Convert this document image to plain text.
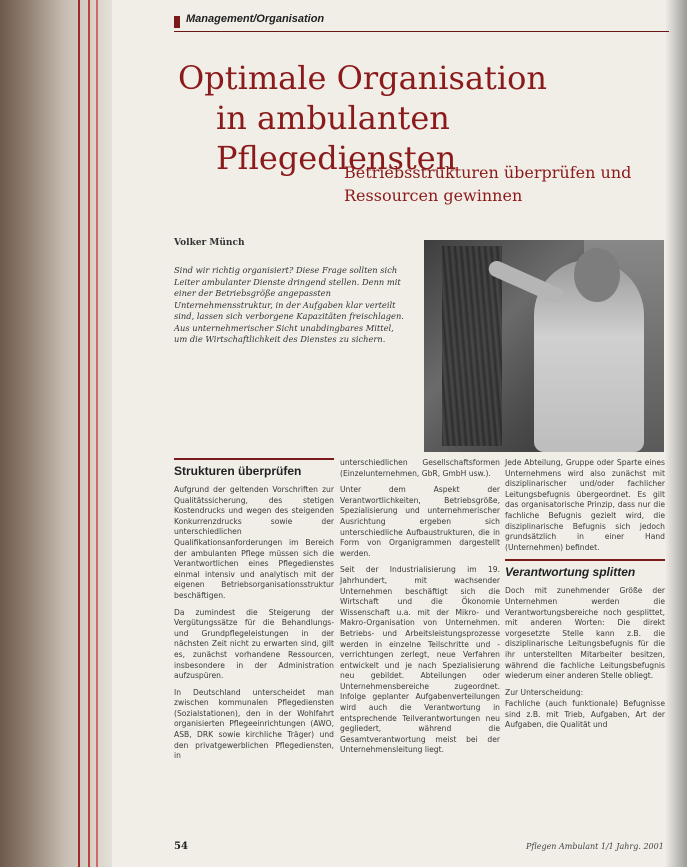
Management/Organisation
Optimale Organisation
in ambulanten Pflegediensten
Betriebsstrukturen überprüfen und
Ressourcen gewinnen
Volker Münch
Sind wir richtig organisiert? Diese Frage sollten sich Leiter ambulanter Dienste dringend stellen. Denn mit einer der Betriebsgröße angepassten Unternehmensstruktur, in der Aufgaben klar verteilt sind, lassen sich verborgene Kapazitäten freischlagen. Aus unternehmerischer Sicht unabdingbares Mittel, um die Wirtschaftlichkeit des Dienstes zu sichern.
Strukturen überprüfen

Aufgrund der geltenden Vorschriften zur Qualitätssicherung, des stetigen Kostendrucks und wegen des steigenden Konkurrenzdrucks sowie der unterschiedlichen Qualifikationsanforderungen im Bereich der ambulanten Pflege müssen sich die Verantwortlichen eines Pflegedienstes einmal intensiv und analytisch mit der eigenen Betriebsorganisationsstruktur beschäftigen.

Da zumindest die Steigerung der Vergütungssätze für die Behandlungs- und Grundpflegeleistungen in der nächsten Zeit nicht zu erwarten sind, gilt es, zunächst vorhandene Ressourcen, insbesondere in der Administration aufzuspüren.

In Deutschland unterscheidet man zwischen kommunalen Pflegediensten (Sozialstationen), den in der Wohlfahrt organisierten Pflegeeinrichtungen (AWO, ASB, DRK sowie kirchliche Träger) und den privatgewerblichen Pflegediensten, in

unterschiedlichen Gesellschaftsformen (Einzelunternehmen, GbR, GmbH usw.).

Unter dem Aspekt der Verantwortlichkeiten, Betriebsgröße, Spezialisierung und unternehmerischer Ausrichtung ergeben sich unterschiedliche Aufbaustrukturen, die in Form von Organigrammen dargestellt werden.

Seit der Industrialisierung im 19. Jahrhundert, mit wachsender Unternehmen beschäftigt sich die Wirtschaft und die Ökonomie Wissenschaft u.a. mit der Mikro- und Makro-Organisation von Unternehmen. Betriebs- und Arbeitsleistungsprozesse werden in einzelne Teilschritte und -verrichtungen zerlegt, neue Verfahren entwickelt und je nach Spezialisierung neu gebildet. Abteilungen oder Unternehmensbereiche zugeordnet. Infolge geplanter Aufgabenverteilungen wird auch die Verantwortung in entsprechende Teilverantwortungen neu gegliedert, während die Gesamtverantwortung meist bei der Unternehmensleitung liegt.

Jede Abteilung, Gruppe oder Sparte eines Unternehmens wird also zunächst mit disziplinarischer und/oder fachlicher Leitungsbefugnis übergeordnet. Es gilt das organisatorische Prinzip, dass nur die fachliche Befugnis gezielt wird, die disziplinarische Befugnis sich jedoch grundsätzlich in einer Hand (Unternehmen) befindet.

Verantwortung splitten

Doch mit zunehmender Größe der Unternehmen werden die Verantwortungsbereiche noch gesplittet, mit anderen Worten: Die direkt vorgesetzte Stelle kann z.B. die disziplinarische Leitungsbefugnis für die ihr unterstellten Mitarbeiter besitzen, während die fachliche Leitungsbefugnis wiederum einer anderen Stelle obliegt.

Zur Unterscheidung:

Fachliche (auch funktionale) Befugnisse sind z.B. mit Trieb, Aufgaben, Art der Aufgaben, die Qualität und

54	Pflegen Ambulant 1/1 Jahrg. 2001
